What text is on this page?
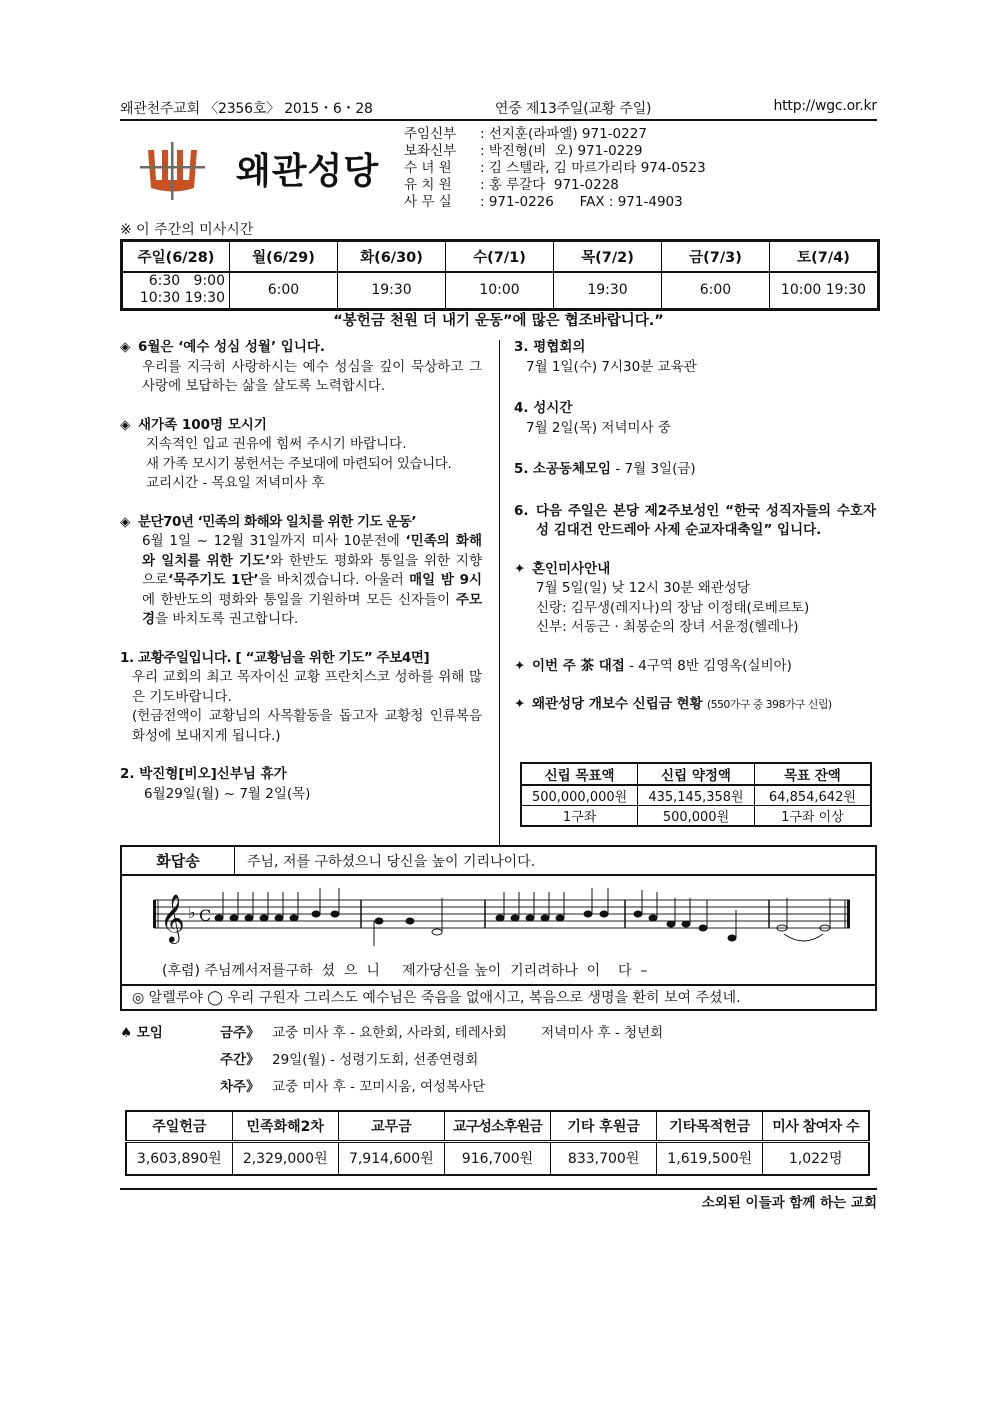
왜관천주교회 〈2356호〉 2015・6・28	연중 제13주일(교황 주일)	http://wgc.or.kr
왜관성당
주임신부	: 선지훈(라파엘) 971-0227
보좌신부	: 박진형(비  오) 971-0229
수 녀 원	: 김 스텔라, 김 마르가리타 974-0523
유 치 원	: 홍 루갈다  971-0228
사 무 실	: 971-0226      FAX : 971-4903
※ 이 주간의 미사시간
주일(6/28)	월(6/29)	화(6/30)	수(7/1)	목(7/2)	금(7/3)	토(7/4)

6:30   9:00
10:30 19:30	6:00	19:30	10:00	19:30	6:00	10:00 19:30
“봉헌금 천원 더 내기 운동”에 많은 협조바랍니다.”
◈ 6월은 ‘예수 성심 성월’ 입니다.
우리를 지극히 사랑하시는 예수 성심을 깊이 묵상하고 그 사랑에 보답하는 삶을 살도록 노력합시다.
◈ 새가족 100명 모시기
지속적인 입교 권유에 힘써 주시기 바랍니다.
새 가족 모시기 봉헌서는 주보대에 마련되어 있습니다.
교리시간 - 목요일 저녁미사 후
◈ 분단70년 ‘민족의 화해와 일치를 위한 기도 운동’
6월 1일 ~ 12월 31일까지 미사 10분전에 ‘민족의 화해와 일치를 위한 기도’와 한반도 평화와 통일을 위한 지향으로‘묵주기도 1단’을 바치겠습니다. 아울러 매일 밤 9시에 한반도의 평화와 통일을 기원하며 모든 신자들이 주모경을 바치도록 권고합니다.
1. 교황주일입니다. [ “교황님을 위한 기도” 주보4면]
우리 교회의 최고 목자이신 교황 프란치스코 성하를 위해 많은 기도바랍니다.
(헌금전액이 교황님의 사목활동을 돕고자 교황청 인류복음화성에 보내지게 됩니다.)
2. 박진형[비오]신부님 휴가
6월29일(월) ~ 7월 2일(목)
3. 평협회의
7월 1일(수) 7시30분 교육관
4. 성시간
7월 2일(목) 저녁미사 중
5. 소공동체모임 - 7월 3일(금)
6. 다음 주일은 본당 제2주보성인 “한국 성직자들의 수호자 성 김대건 안드레아 사제 순교자대축일” 입니다.
✦ 혼인미사안내
7월 5일(일) 낮 12시 30분 왜관성당
신랑: 김무생(레지나)의 장남 이정태(로베르토)
신부: 서동근 · 최봉순의 장녀 서윤정(헬레나)
✦ 이번 주 茶 대접 - 4구역 8반 김영옥(실비아)
✦ 왜관성당 개보수 신립금 현황 (550가구 중 398가구 신립)
신립 목표액	신립 약정액	목표 잔액
500,000,000원	435,145,358원	64,854,642원
1구좌	500,000원	1구좌 이상
화답송	주님, 저를 구하셨으니 당신을 높이 기리나이다.
𝄞 ♭ C
(후렴) 주님께서저를구하  셨  으  니     제가당신을 높이  기리려하나  이    다  –
◎ 알렐루야 ◯ 우리 구원자 그리스도 예수님은 죽음을 없애시고, 복음으로 생명을 환히 보여 주셨네.
♠ 모임	금주》 교중 미사 후 - 요한회, 사라회, 테레사회        저녁미사 후 - 청년회
주간》 29일(월) - 성령기도회, 선종연령회
차주》 교중 미사 후 - 꼬미시움, 여성복사단
주일헌금	민족화해2차	교무금	교구성소후원금	기타 후원금	기타목적헌금	미사 참여자 수
3,603,890원	2,329,000원	7,914,600원	916,700원	833,700원	1,619,500원	1,022명
소외된 이들과 함께 하는 교회
